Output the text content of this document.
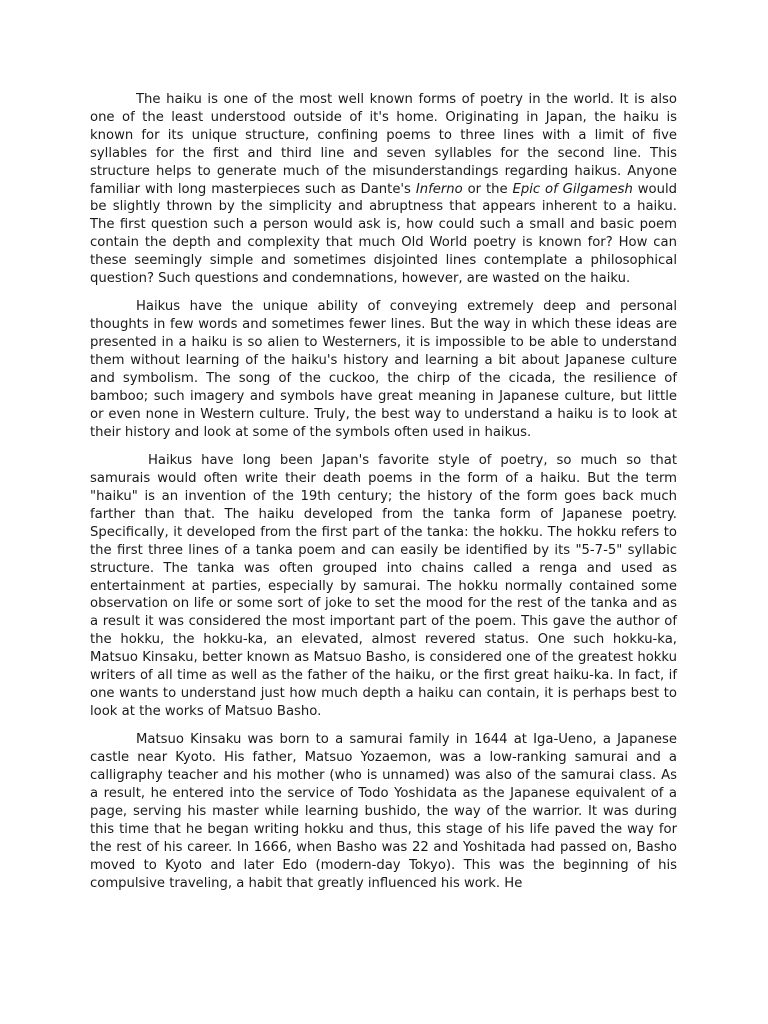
The haiku is one of the most well known forms of poetry in the world. It is also one of the least understood outside of it's home. Originating in Japan, the haiku is known for its unique structure, confining poems to three lines with a limit of five syllables for the first and third line and seven syllables for the second line. This structure helps to generate much of the misunderstandings regarding haikus. Anyone familiar with long masterpieces such as Dante's Inferno or the Epic of Gilgamesh would be slightly thrown by the simplicity and abruptness that appears inherent to a haiku. The first question such a person would ask is, how could such a small and basic poem contain the depth and complexity that much Old World poetry is known for? How can these seemingly simple and sometimes disjointed lines contemplate a philosophical question? Such questions and condemnations, however, are wasted on the haiku.

Haikus have the unique ability of conveying extremely deep and personal thoughts in few words and sometimes fewer lines. But the way in which these ideas are presented in a haiku is so alien to Westerners, it is impossible to be able to understand them without learning of the haiku's history and learning a bit about Japanese culture and symbolism. The song of the cuckoo, the chirp of the cicada, the resilience of bamboo; such imagery and symbols have great meaning in Japanese culture, but little or even none in Western culture. Truly, the best way to understand a haiku is to look at their history and look at some of the symbols often used in haikus.

Haikus have long been Japan's favorite style of poetry, so much so that samurais would often write their death poems in the form of a haiku. But the term "haiku" is an invention of the 19th century; the history of the form goes back much farther than that. The haiku developed from the tanka form of Japanese poetry. Specifically, it developed from the first part of the tanka: the hokku. The hokku refers to the first three lines of a tanka poem and can easily be identified by its "5-7-5" syllabic structure. The tanka was often grouped into chains called a renga and used as entertainment at parties, especially by samurai. The hokku normally contained some observation on life or some sort of joke to set the mood for the rest of the tanka and as a result it was considered the most important part of the poem. This gave the author of the hokku, the hokku-ka, an elevated, almost revered status. One such hokku-ka, Matsuo Kinsaku, better known as Matsuo Basho, is considered one of the greatest hokku writers of all time as well as the father of the haiku, or the first great haiku-ka. In fact, if one wants to understand just how much depth a haiku can contain, it is perhaps best to look at the works of Matsuo Basho.

Matsuo Kinsaku was born to a samurai family in 1644 at Iga-Ueno, a Japanese castle near Kyoto. His father, Matsuo Yozaemon, was a low-ranking samurai and a calligraphy teacher and his mother (who is unnamed) was also of the samurai class. As a result, he entered into the service of Todo Yoshidata as the Japanese equivalent of a page, serving his master while learning bushido, the way of the warrior. It was during this time that he began writing hokku and thus, this stage of his life paved the way for the rest of his career. In 1666, when Basho was 22 and Yoshitada had passed on, Basho moved to Kyoto and later Edo (modern-day Tokyo). This was the beginning of his compulsive traveling, a habit that greatly influenced his work. He
